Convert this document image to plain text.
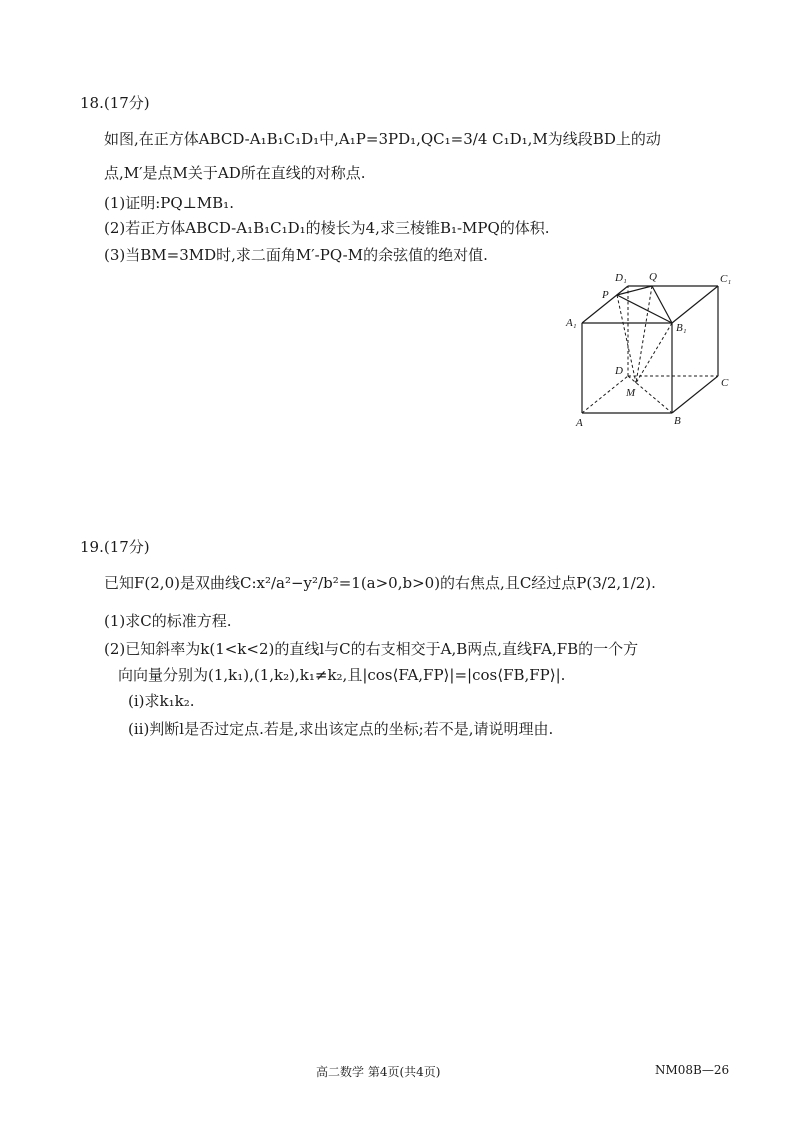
18.(17分)
如图,在正方体ABCD-A₁B₁C₁D₁中,A₁P=3PD₁,QC₁=3/4 C₁D₁,M为线段BD上的动
点,M′是点M关于AD所在直线的对称点.
(1)证明:PQ⊥MB₁.
(2)若正方体ABCD-A₁B₁C₁D₁的棱长为4,求三棱锥B₁-MPQ的体积.
(3)当BM=3MD时,求二面角M′-PQ-M的余弦值的绝对值.
D₁ Q	C₁
P
A₁	B₁
D
C
M
A	B
19.(17分)
已知F(2,0)是双曲线C:x²/a²−y²/b²=1(a>0,b>0)的右焦点,且C经过点P(3/2,1/2).
(1)求C的标准方程.
(2)已知斜率为k(1<k<2)的直线l与C的右支相交于A,B两点,直线FA,FB的一个方
向向量分别为(1,k₁),(1,k₂),k₁≠k₂,且|cos⟨FA,FP⟩|=|cos⟨FB,FP⟩|.
(ⅰ)求k₁k₂.
(ⅱ)判断l是否过定点.若是,求出该定点的坐标;若不是,请说明理由.
高二数学 第4页(共4页)	NM08B—26
